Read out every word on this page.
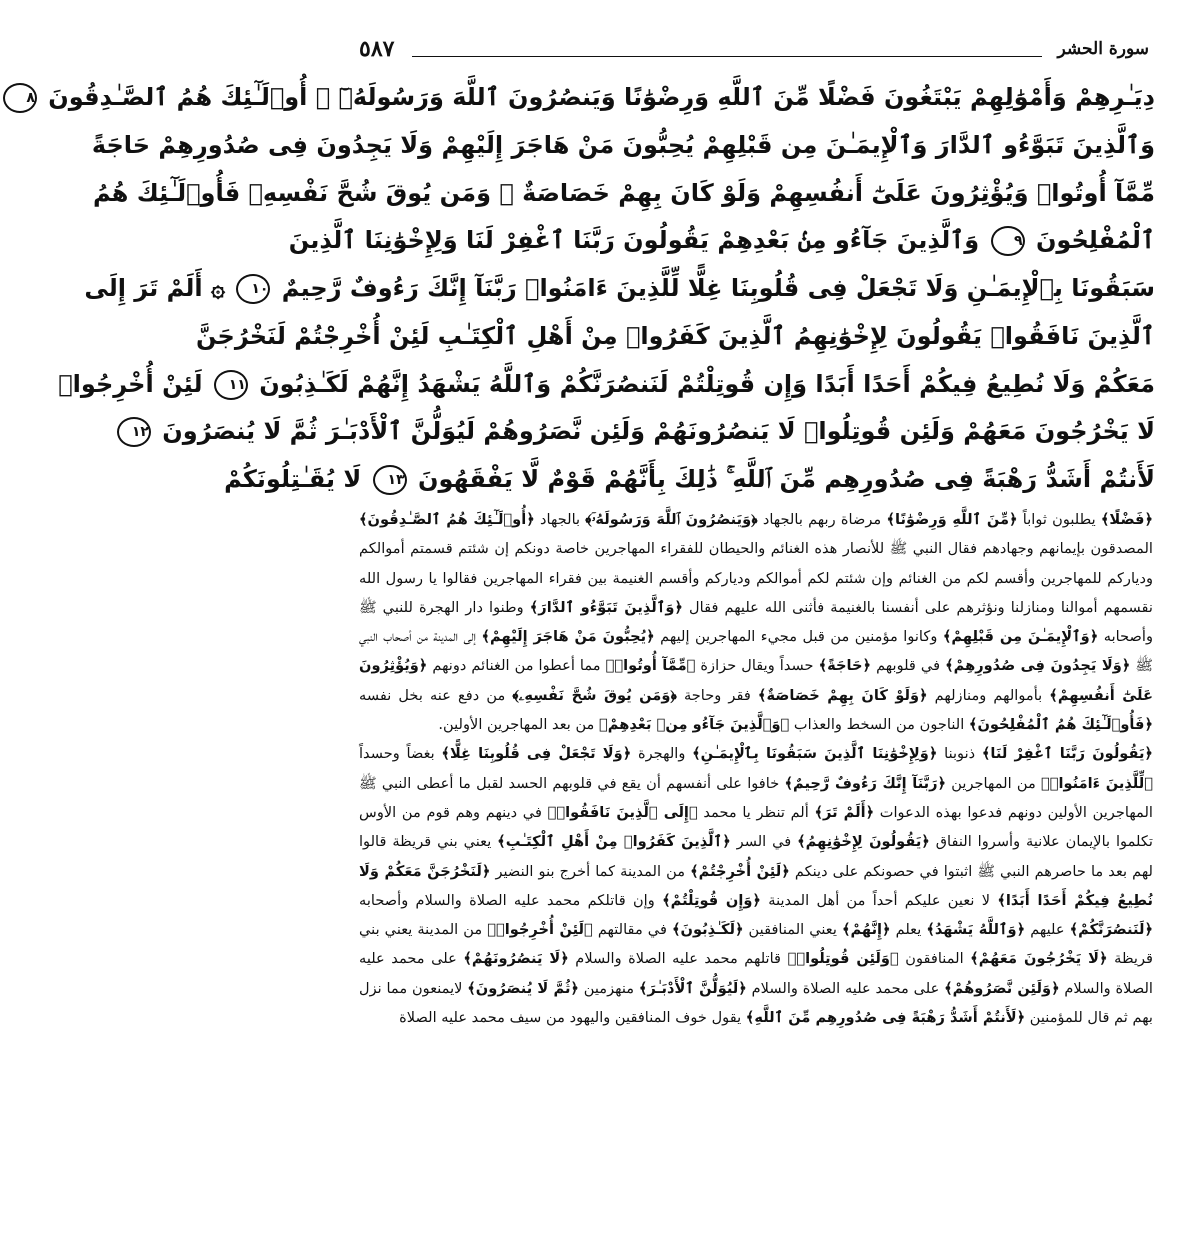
٥٨٧	سورة الحشر
دِيَـٰرِهِمْ وَأَمْوَٰلِهِمْ يَبْتَغُونَ فَضْلًا مِّنَ ٱللَّهِ وَرِضْوَٰنًا وَيَنصُرُونَ ٱللَّهَ وَرَسُولَهُۥٓ ۚ أُو۟لَـٰٓئِكَ هُمُ ٱلصَّـٰدِقُونَ ٨
وَٱلَّذِينَ تَبَوَّءُو ٱلدَّارَ وَٱلْإِيمَـٰنَ مِن قَبْلِهِمْ يُحِبُّونَ مَنْ هَاجَرَ إِلَيْهِمْ وَلَا يَجِدُونَ فِى صُدُورِهِمْ حَاجَةً
مِّمَّآ أُوتُوا۟ وَيُؤْثِرُونَ عَلَىٰٓ أَنفُسِهِمْ وَلَوْ كَانَ بِهِمْ خَصَاصَةٌ ۚ وَمَن يُوقَ شُحَّ نَفْسِهِۦ فَأُو۟لَـٰٓئِكَ هُمُ
ٱلْمُفْلِحُونَ ٩ وَٱلَّذِينَ جَآءُو مِنۢ بَعْدِهِمْ يَقُولُونَ رَبَّنَا ٱغْفِرْ لَنَا وَلِإِخْوَٰنِنَا ٱلَّذِينَ
سَبَقُونَا بِٱلْإِيمَـٰنِ وَلَا تَجْعَلْ فِى قُلُوبِنَا غِلًّا لِّلَّذِينَ ءَامَنُوا۟ رَبَّنَآ إِنَّكَ رَءُوفٌ رَّحِيمٌ ١٠ ۞ أَلَمْ تَرَ إِلَى
ٱلَّذِينَ نَافَقُوا۟ يَقُولُونَ لِإِخْوَٰنِهِمُ ٱلَّذِينَ كَفَرُوا۟ مِنْ أَهْلِ ٱلْكِتَـٰبِ لَئِنْ أُخْرِجْتُمْ لَنَخْرُجَنَّ
مَعَكُمْ وَلَا نُطِيعُ فِيكُمْ أَحَدًا أَبَدًا وَإِن قُوتِلْتُمْ لَنَنصُرَنَّكُمْ وَٱللَّهُ يَشْهَدُ إِنَّهُمْ لَكَـٰذِبُونَ ١١ لَئِنْ أُخْرِجُوا۟
لَا يَخْرُجُونَ مَعَهُمْ وَلَئِن قُوتِلُوا۟ لَا يَنصُرُونَهُمْ وَلَئِن نَّصَرُوهُمْ لَيُوَلُّنَّ ٱلْأَدْبَـٰرَ ثُمَّ لَا يُنصَرُونَ ١٢
لَأَنتُمْ أَشَدُّ رَهْبَةً فِى صُدُورِهِم مِّنَ ٱللَّهِ ۚ ذَٰلِكَ بِأَنَّهُمْ قَوْمٌ لَّا يَفْقَهُونَ ١٣ لَا يُقَـٰتِلُونَكُمْ

﴿فَضْلًا﴾ يطلبون ثواباً ﴿مِّنَ ٱللَّهِ وَرِضْوَٰنًا﴾ مرضاة ربهم بالجهاد ﴿وَيَنصُرُونَ ٱللَّهَ وَرَسُولَهُۥٓ﴾ بالجهاد ﴿أُو۟لَـٰٓئِكَ هُمُ ٱلصَّـٰدِقُونَ﴾ المصدقون بإيمانهم وجهادهم فقال النبي ﷺ للأنصار هذه الغنائم والحيطان للفقراء المهاجرين خاصة دونكم إن شئتم قسمتم أموالكم ودياركم للمهاجرين وأقسم لكم من الغنائم وإن شئتم لكم أموالكم ودياركم وأقسم الغنيمة بين فقراء المهاجرين فقالوا يا رسول الله نقسمهم أموالنا ومنازلنا ونؤثرهم على أنفسنا بالغنيمة فأثنى الله عليهم فقال ﴿وَٱلَّذِينَ تَبَوَّءُو ٱلدَّارَ﴾ وطنوا دار الهجرة للنبي ﷺ وأصحابه ﴿وَٱلْإِيمَـٰنَ مِن قَبْلِهِمْ﴾ وكانوا مؤمنين من قبل مجيء المهاجرين إليهم ﴿يُحِبُّونَ مَنْ هَاجَرَ إِلَيْهِمْ﴾ إلى المدينة من أصحاب النبي ﷺ ﴿وَلَا يَجِدُونَ فِى صُدُورِهِمْ﴾ في قلوبهم ﴿حَاجَةً﴾ حسداً ويقال حزازة ﴿مِّمَّآ أُوتُوا۟﴾ مما أعطوا من الغنائم دونهم ﴿وَيُؤْثِرُونَ عَلَىٰٓ أَنفُسِهِمْ﴾ بأموالهم ومنازلهم ﴿وَلَوْ كَانَ بِهِمْ خَصَاصَةٌ﴾ فقر وحاجة ﴿وَمَن يُوقَ شُحَّ نَفْسِهِۦ﴾ من دفع عنه بخل نفسه ﴿فَأُو۟لَـٰٓئِكَ هُمُ ٱلْمُفْلِحُونَ﴾ الناجون من السخط والعذاب ﴿وَٱلَّذِينَ جَآءُو مِنۢ بَعْدِهِمْ﴾ من بعد المهاجرين الأولين.

﴿يَقُولُونَ رَبَّنَا ٱغْفِرْ لَنَا﴾ ذنوبنا ﴿وَلِإِخْوَٰنِنَا ٱلَّذِينَ سَبَقُونَا بِٱلْإِيمَـٰنِ﴾ والهجرة ﴿وَلَا تَجْعَلْ فِى قُلُوبِنَا غِلًّا﴾ بغضاً وحسداً ﴿لِّلَّذِينَ ءَامَنُوا۟﴾ من المهاجرين ﴿رَبَّنَآ إِنَّكَ رَءُوفٌ رَّحِيمٌ﴾ خافوا على أنفسهم أن يقع في قلوبهم الحسد لقبل ما أعطى النبي ﷺ المهاجرين الأولين دونهم فدعوا بهذه الدعوات ﴿أَلَمْ تَرَ﴾ ألم تنظر يا محمد ﴿إِلَى ٱلَّذِينَ نَافَقُوا۟﴾ في دينهم وهم قوم من الأوس تكلموا بالإيمان علانية وأسروا النفاق ﴿يَقُولُونَ لِإِخْوَٰنِهِمُ﴾ في السر ﴿ٱلَّذِينَ كَفَرُوا۟ مِنْ أَهْلِ ٱلْكِتَـٰبِ﴾ يعني بني قريظة قالوا لهم بعد ما حاصرهم النبي ﷺ اثبتوا في حصونكم على دينكم ﴿لَئِنْ أُخْرِجْتُمْ﴾ من المدينة كما أخرج بنو النضير ﴿لَنَخْرُجَنَّ مَعَكُمْ وَلَا نُطِيعُ فِيكُمْ أَحَدًا أَبَدًا﴾ لا نعين عليكم أحداً من أهل المدينة ﴿وَإِن قُوتِلْتُمْ﴾ وإن قاتلكم محمد عليه الصلاة والسلام وأصحابه ﴿لَنَنصُرَنَّكُمْ﴾ عليهم ﴿وَٱللَّهُ يَشْهَدُ﴾ يعلم ﴿إِنَّهُمْ﴾ يعني المنافقين ﴿لَكَـٰذِبُونَ﴾ في مقالتهم ﴿لَئِنْ أُخْرِجُوا۟﴾ من المدينة يعني بني قريظة ﴿لَا يَخْرُجُونَ مَعَهُمْ﴾ المنافقون ﴿وَلَئِن قُوتِلُوا۟﴾ قاتلهم محمد عليه الصلاة والسلام ﴿لَا يَنصُرُونَهُمْ﴾ على محمد عليه الصلاة والسلام ﴿وَلَئِن نَّصَرُوهُمْ﴾ على محمد عليه الصلاة والسلام ﴿لَيُوَلُّنَّ ٱلْأَدْبَـٰرَ﴾ منهزمين ﴿ثُمَّ لَا يُنصَرُونَ﴾ لايمنعون مما نزل بهم ثم قال للمؤمنين ﴿لَأَنتُمْ أَشَدُّ رَهْبَةً فِى صُدُورِهِم مِّنَ ٱللَّهِ﴾ يقول خوف المنافقين واليهود من سيف محمد عليه الصلاة
